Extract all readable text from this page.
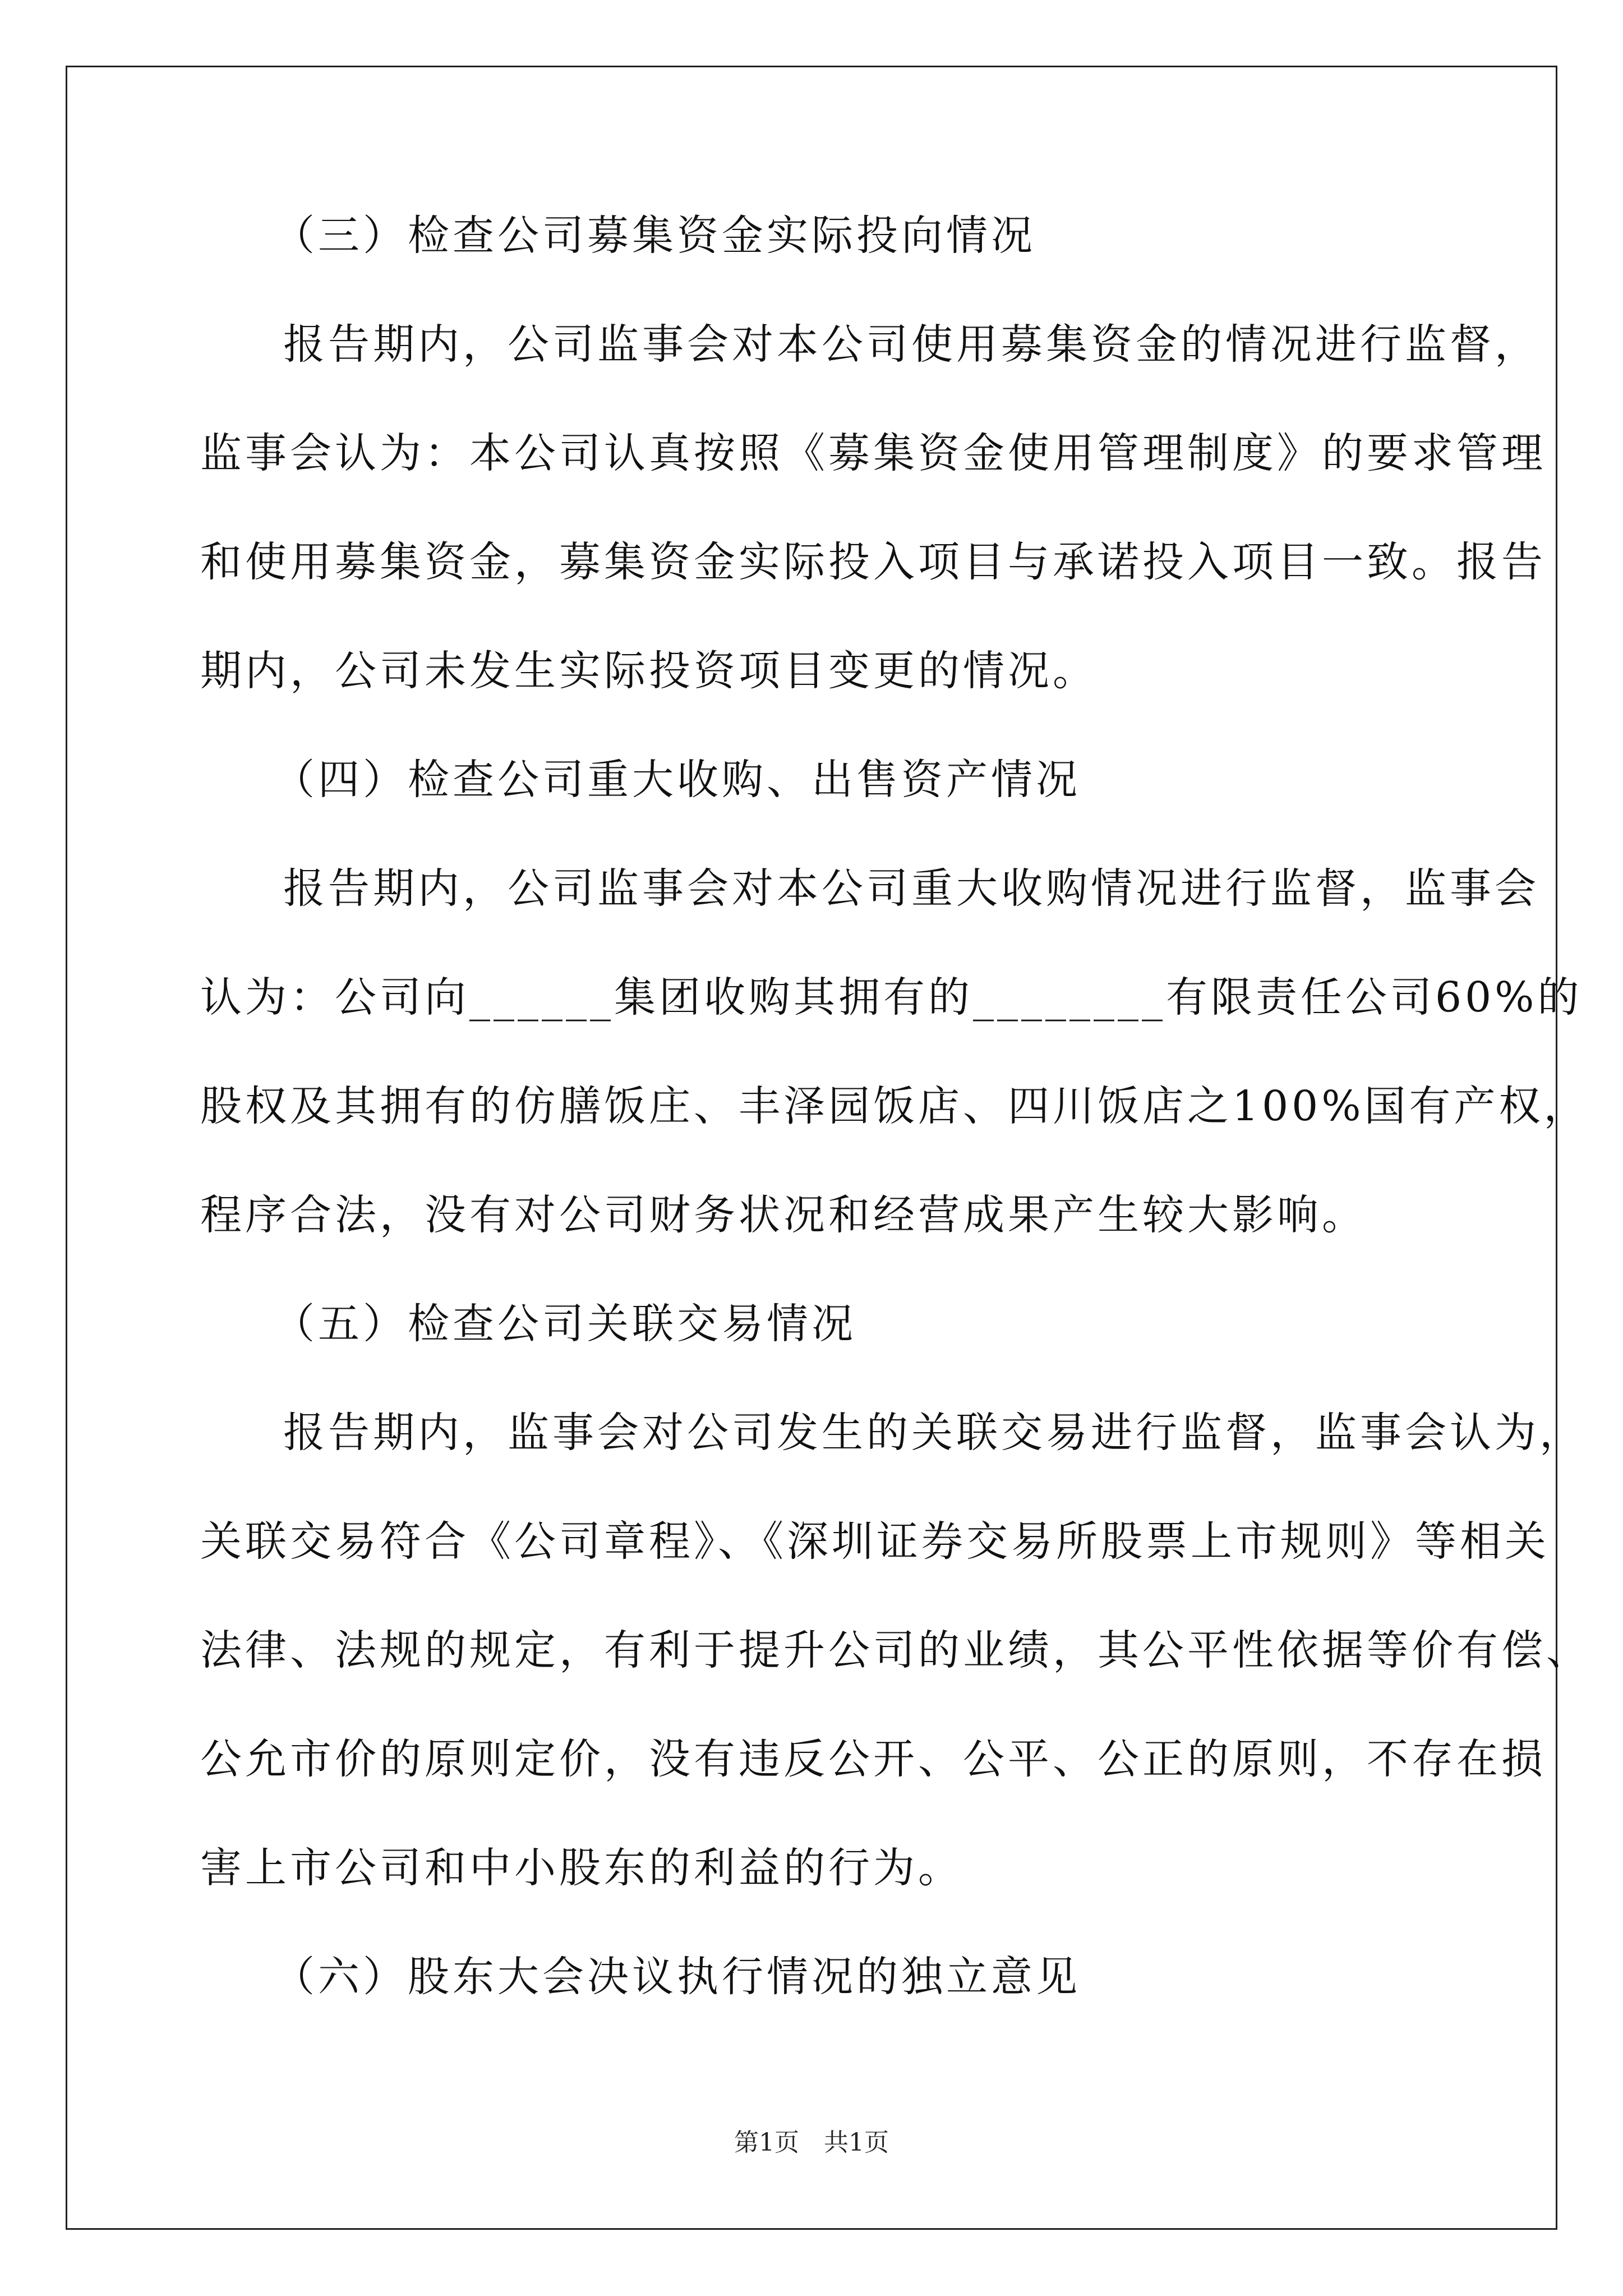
（三）检查公司募集资金实际投向情况
报告期内，公司监事会对本公司使用募集资金的情况进行监督，
监事会认为：本公司认真按照《募集资金使用管理制度》的要求管理
和使用募集资金，募集资金实际投入项目与承诺投入项目一致。报告
期内，公司未发生实际投资项目变更的情况。
（四）检查公司重大收购、出售资产情况
报告期内，公司监事会对本公司重大收购情况进行监督，监事会
认为：公司向______集团收购其拥有的________有限责任公司60%的
股权及其拥有的仿膳饭庄、丰泽园饭店、四川饭店之100%国有产权，
程序合法，没有对公司财务状况和经营成果产生较大影响。
（五）检查公司关联交易情况
报告期内，监事会对公司发生的关联交易进行监督，监事会认为，
关联交易符合《公司章程》、《深圳证券交易所股票上市规则》等相关
法律、法规的规定，有利于提升公司的业绩，其公平性依据等价有偿、
公允市价的原则定价，没有违反公开、公平、公正的原则，不存在损
害上市公司和中小股东的利益的行为。
（六）股东大会决议执行情况的独立意见
第1页　共1页
